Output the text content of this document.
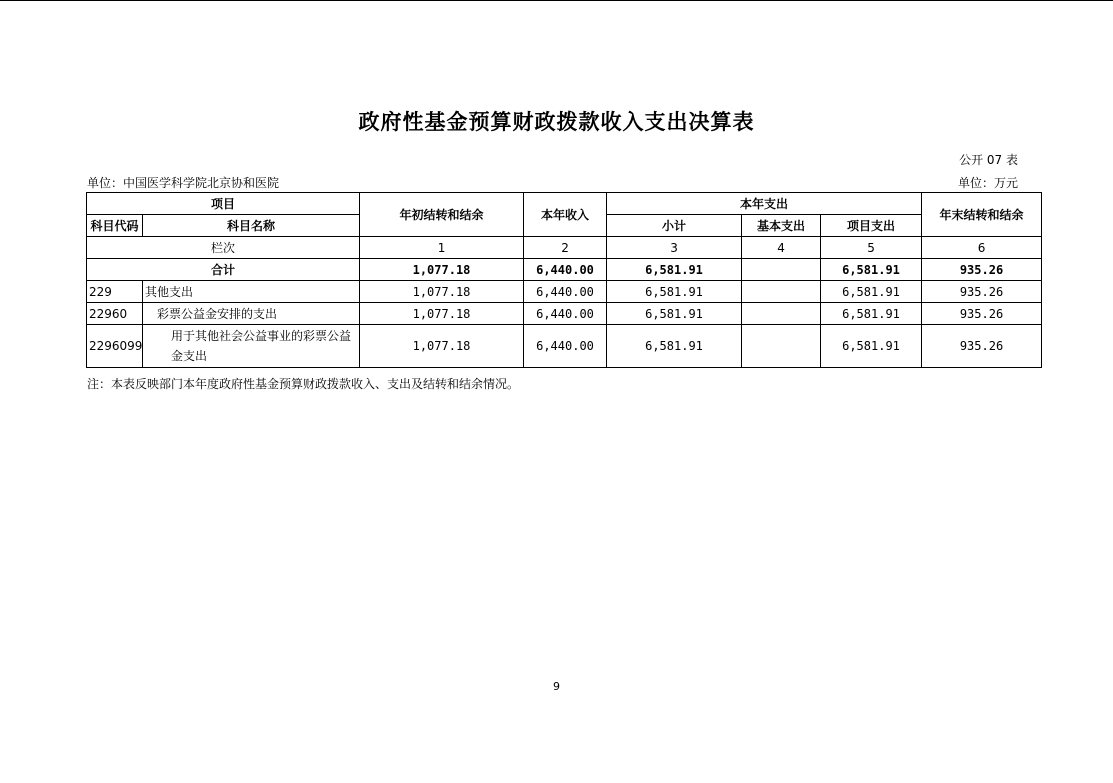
政府性基金预算财政拨款收入支出决算表
公开 07 表
单位：中国医学科学院北京协和医院	单位：万元
项目		年初结转和结余	本年收入	本年支出			年末结转和结余
科目代码	科目名称			小计	基本支出	项目支出	
栏次		1	2	3	4	5	6
合计		1,077.18	6,440.00	6,581.91		6,581.91	935.26
229	其他支出	1,077.18	6,440.00	6,581.91		6,581.91	935.26
22960	彩票公益金安排的支出	1,077.18	6,440.00	6,581.91		6,581.91	935.26
2296099	用于其他社会公益事业的彩票公益金支出	1,077.18	6,440.00	6,581.91		6,581.91	935.26
注：本表反映部门本年度政府性基金预算财政拨款收入、支出及结转和结余情况。
9
